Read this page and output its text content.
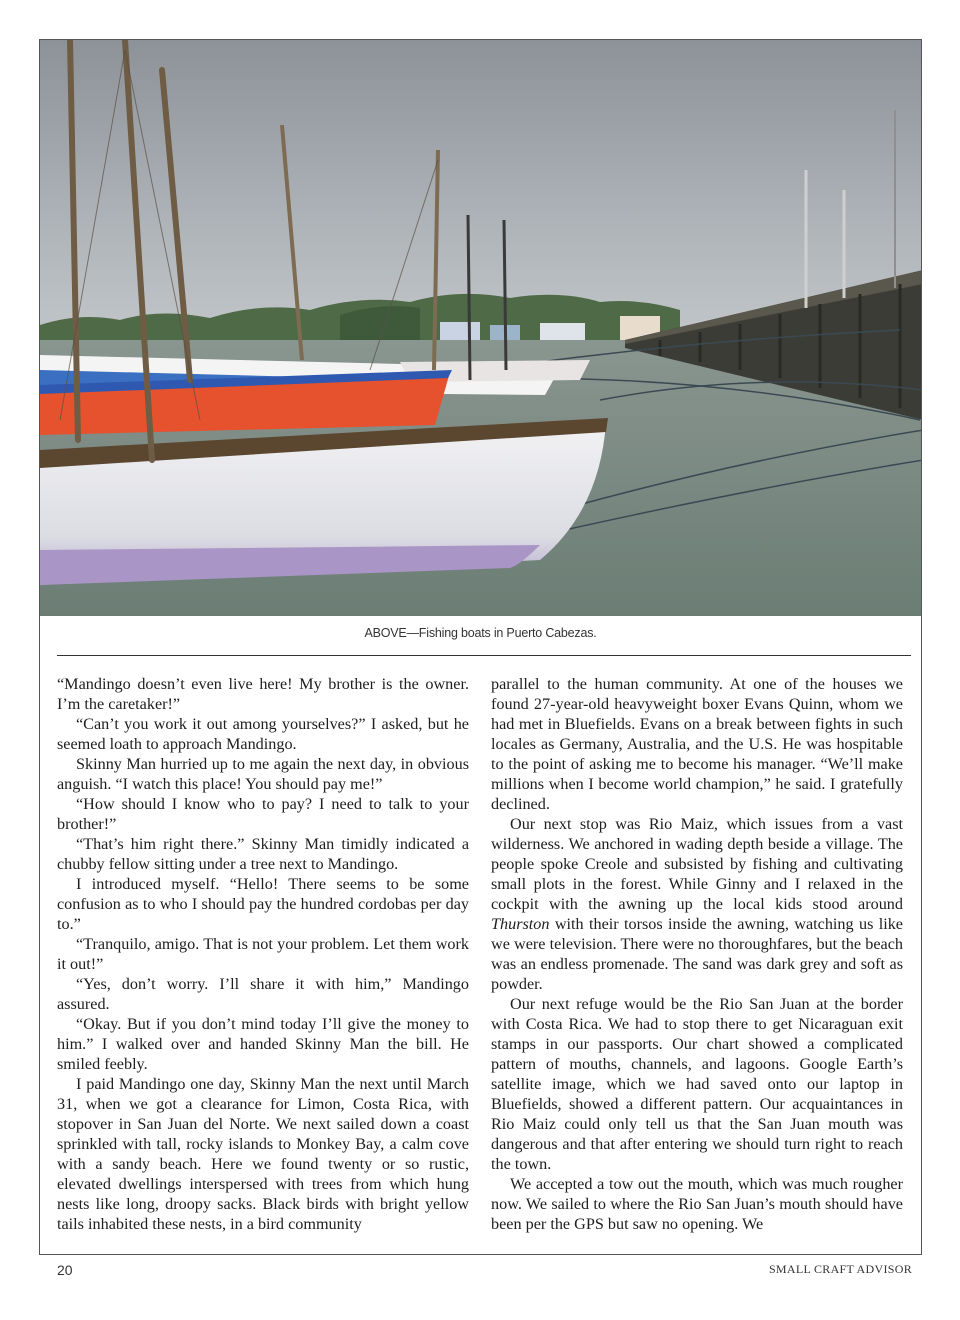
ABOVE—Fishing boats in Puerto Cabezas.

“Mandingo doesn’t even live here! My brother is the owner. I’m the caretaker!”

“Can’t you work it out among yourselves?” I asked, but he seemed loath to approach Mandingo.

Skinny Man hurried up to me again the next day, in obvious anguish. “I watch this place! You should pay me!”

“How should I know who to pay? I need to talk to your brother!”

“That’s him right there.” Skinny Man timidly indicated a chubby fellow sitting under a tree next to Mandingo.

I introduced myself. “Hello! There seems to be some confusion as to who I should pay the hundred cordobas per day to.”

“Tranquilo, amigo. That is not your problem. Let them work it out!”

“Yes, don’t worry. I’ll share it with him,” Mandingo assured.

“Okay. But if you don’t mind today I’ll give the money to him.” I walked over and handed Skinny Man the bill. He smiled feebly.

I paid Mandingo one day, Skinny Man the next until March 31, when we got a clearance for Limon, Costa Rica, with stopover in San Juan del Norte. We next sailed down a coast sprinkled with tall, rocky islands to Monkey Bay, a calm cove with a sandy beach. Here we found twenty or so rustic, elevated dwellings interspersed with trees from which hung nests like long, droopy sacks. Black birds with bright yellow tails inhabited these nests, in a bird community

parallel to the human community. At one of the houses we found 27-year-old heavyweight boxer Evans Quinn, whom we had met in Bluefields. Evans on a break between fights in such locales as Germany, Australia, and the U.S. He was hospitable to the point of asking me to become his manager. “We’ll make millions when I become world champion,” he said. I gratefully declined.

Our next stop was Rio Maiz, which issues from a vast wilderness. We anchored in wading depth beside a village. The people spoke Creole and subsisted by fishing and cultivating small plots in the forest. While Ginny and I relaxed in the cockpit with the awning up the local kids stood around Thurston with their torsos inside the awning, watching us like we were television. There were no thoroughfares, but the beach was an endless promenade. The sand was dark grey and soft as powder.

Our next refuge would be the Rio San Juan at the border with Costa Rica. We had to stop there to get Nicaraguan exit stamps in our passports. Our chart showed a complicated pattern of mouths, channels, and lagoons. Google Earth’s satellite image, which we had saved onto our laptop in Bluefields, showed a different pattern. Our acquaintances in Rio Maiz could only tell us that the San Juan mouth was dangerous and that after entering we should turn right to reach the town.

We accepted a tow out the mouth, which was much rougher now. We sailed to where the Rio San Juan’s mouth should have been per the GPS but saw no opening. We

20	SMALL CRAFT ADVISOR
